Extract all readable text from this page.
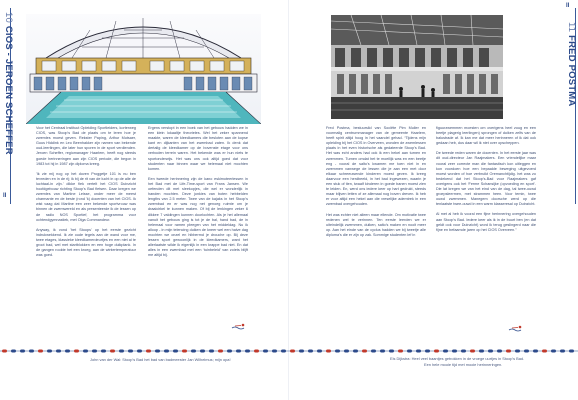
10 CIOS - JEROEN SCHEFFER
II
II
11 FRED POSTMA

Voor het Centraal Instituut Opleiding Sportleiders, korterweg CIOS, was Stoop's Bad de plaats om te leren hoe je zwemles moest geven. Rekster Paping, Arthur Mutsaer, Guus Hiddink en Leo Beenhakker zijn namen van bekende oud-leerlingen, die later hun sporen in de sport verdienden. Jeroen Scheffer, regiomanager Haarlem, heeft nog steeds goede herinneringen aan zijn CIOS periode, die begon in 1983 tot hij in 1987 zijn diploma kreeg.

'Ik zie mij nog op het doven Proggetje 101 is nu ben tevreden en in de rij; ik bij de rit van de lucht in op de alle de luchtaal-in zijn.’ dikke fiek vertelt het CIOS Duinzicht hoofdgebouw richting Stoop's Bad fietsen. Daar kregen we zwemles van Martine Leisse, onder meer de meest charmante en de beste (rond 'k) docenten van het CIOS. Ik wist vaag dat Martine een zeer bekende sportvrouw was binnen de zwemwereld en als presenteerde ik de lessen op de radio NOS Sportief, het programma voor ochtendgymnastiek, met Olga Commandeur.

Anyway, ik vond 'het Stoops' op het eerste gezicht indrukwekkend. Ik zie oude tegels aan de wand voor me, twee etages, klassieke kleedkamerdeurtjes en een niet al te groot bad, wel met startblokken en een hoge duikplank. In de gangen rookte het een kroeg, aan de wintertemperatuur was goed.

Ergens verstopt in een boek van het gebouw hadden we in een klein lokaaltje theorieles. Wel het zeker spannend maakte, waren de kleedkamers die besloten aan de kopse kant en dijkanten van het zwembad zaten. Ik denk dat dertalig de kleedkamer op de bovenste etage voor ons verboden terrein waren. Het bekende was er hun niets te sportonderwijs. Het was ons ook altijd goed dat voor studenten naar binnen waar we helemaal niet mochten komen.

Een tweede herinnering zijn de kano eskimoteerlessen in het Bad met de Life-Time-sport van Frans Jansen. We oefenden dit met sleekopjes, die wel er wonderlijk in handen mochten. Deze jonkies van boten hebbelden lengths van 2.5 meter. Twee van de kajaks in het Stoop's zwembad en er was nog net genoeg ruimte om je draaicirkel te kunnen maken. Of bij de lenkingen zeker 6 dikkee 7 valdingen kunnen doorlochten. Als je het allemaal vanuit het gebouw ging is tot je de bal, hand bad, de in helemaal voor ramen pleegen van het middeldag. Nu ik alloop - in mijn telencing duiken de kneer wel een halve dag mochten we onzel en hibbermd je drouche op. Bij deze lessen sport gewoonlijk in de kleedkamers, want het allerlaatste wilde ik eigenlijk in een krappe bad niet. En dat alles in een zwembad met een ‘tuinbeleid’ van zoiets blijft me altijd bij.

Fred Postma, bestuurslid van Sociëte Pim Mulier en voormalig centrummanager van de gemeente Haarlem, heeft spirit altijd hoog in het vaandel gehad. “Tijdens mijn opleiding bij het CIOS in Overveen, wonden de zwemlessen plaats in het even historische als gedateerde Stoop’s Bad. Het was echt anders had ook ik een hekel aan turnen en zwemmen. Turnen omdat het te moeilijk was en een beetje eng - vooral de salto’s kwamen me toen niet in en zwemmen vanwege de lessen die je aan een met door elkaar schreeuwende kinderen moest geven. Ik kreeg daarvoor een herdbeeld, in het bad ingewezen, waarin je een stuk of tien, twaalf kinderen in goede banen moest zien te leiden. En, werd ons iedere keer op hart gedrukt, steeds maar blijven letten of ze allemaal nog boven dreven. Ik heb er voor altijd een hekel aan die vreselijke ademtrek in een zwembad overgehouden.

Het was echter niet alleen maar ellende. Om motivatie twee redenen wel te verinnen. Ten eerste leerden we er uiteindelijk zwemmen, duiken, salto’s maken en nooit meer op. Aan het einde van de cyclus hadden we bij tweetje alle diploma’s die er zijn op zak. Sommige studenten lef in

figuurzwemmen moesten om overigens heel zoug en een beetje plagerig leerlingen) sprongen of duiken zelfs van de balustrade af. Ik kan me dat meer herinneren of ik dat ook gedaan heb, dus daar wil ik niet over opscheppen.

De tweede reden waren de docenten. In het eerste jaar was dit oud-directeur Jan Raajmakers. Een vriendelijke maar vooral zeer correcte man die fantastisch kon uitleggen en kon voordoen hoe een bepaalde beweging uitgevoerd moest worden of hoe verbruikt Oremanchtijdig. het was zo bedekend dat het Stoop’s-Bad voor Raajmakers gaf overigens ook het ‘Ferme Schansijke (opvoeding en sport’. Die lat kregen we van het eind van de dag, tal twee-ouwd groepsleermen, met strammen heen. Voor temin, twee ouwd zwemmen. Manegem doorsche werd op die tenlaatste twee-ouwd in een warm klasseresal op Duinzicht.

Al met al heb ik vooral een fijne herinnering overgehouden aan Stoop’s Bad. Iedere keer als ik in de buurt ben (en dat geldt ook voor Duinzicht) word ik terug geslingerd naar die fijne en befaamde jaren op het CIOS Overveen.”

John van der Wal: Stoop's Bad het bad van badmeester Jan Wilhelmus; mijn opa!	Els Dijkstra: Heel veel baantjes getrokken in de vroege uurtjes in Stoop's Bad.
Een hele mooie tijd met mooie herinneringen.
